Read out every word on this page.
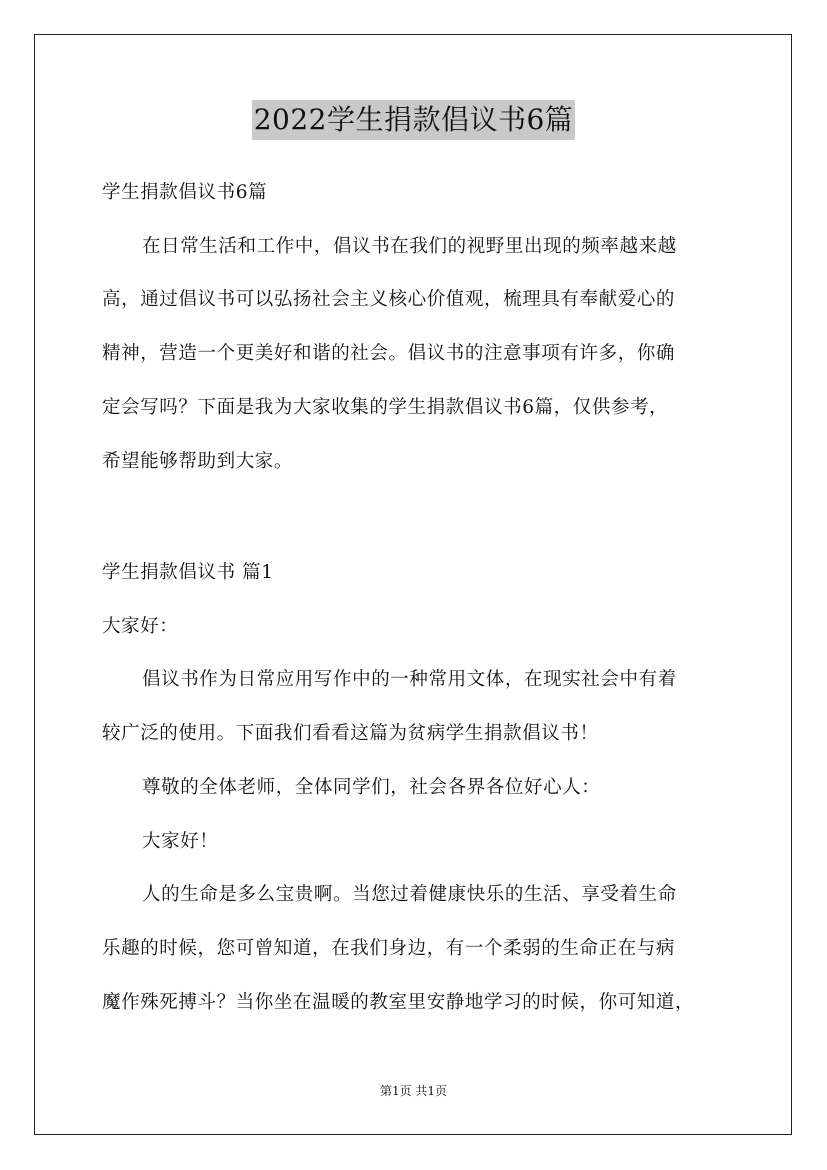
2022学生捐款倡议书6篇
学生捐款倡议书6篇
在日常生活和工作中，倡议书在我们的视野里出现的频率越来越
高，通过倡议书可以弘扬社会主义核心价值观，梳理具有奉献爱心的
精神，营造一个更美好和谐的社会。倡议书的注意事项有许多，你确
定会写吗？下面是我为大家收集的学生捐款倡议书6篇，仅供参考，
希望能够帮助到大家。
学生捐款倡议书 篇1
大家好：
倡议书作为日常应用写作中的一种常用文体，在现实社会中有着
较广泛的使用。下面我们看看这篇为贫病学生捐款倡议书！
尊敬的全体老师，全体同学们，社会各界各位好心人：
大家好！
人的生命是多么宝贵啊。当您过着健康快乐的生活、享受着生命
乐趣的时候，您可曾知道，在我们身边，有一个柔弱的生命正在与病
魔作殊死搏斗？当你坐在温暖的教室里安静地学习的时候，你可知道，
第1页 共1页
